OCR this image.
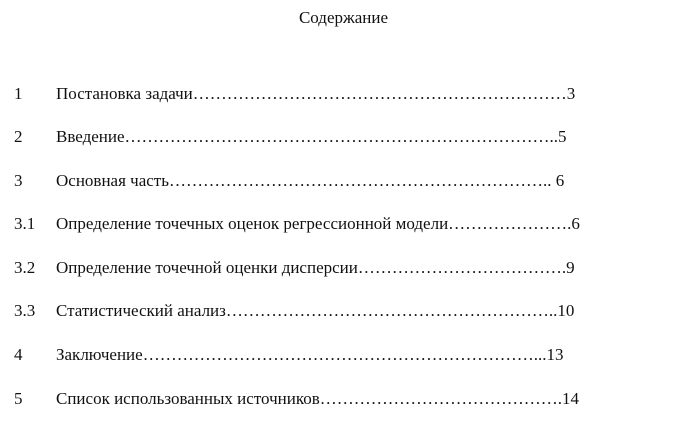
Содержание
1	Постановка задачи…………………………………………………………3
2	Введение…………………………………………………………………..5
3	Основная часть………………………………………………………….. 6
3.1	Определение точечных оценок регрессионной модели………………….6
3.2	Определение точечной оценки дисперсии……………………………….9
3.3	Статистический анализ…………………………………………………..10
4	Заключение……………………………………………………………...13
5	Список использованных источников…………………………………….14
